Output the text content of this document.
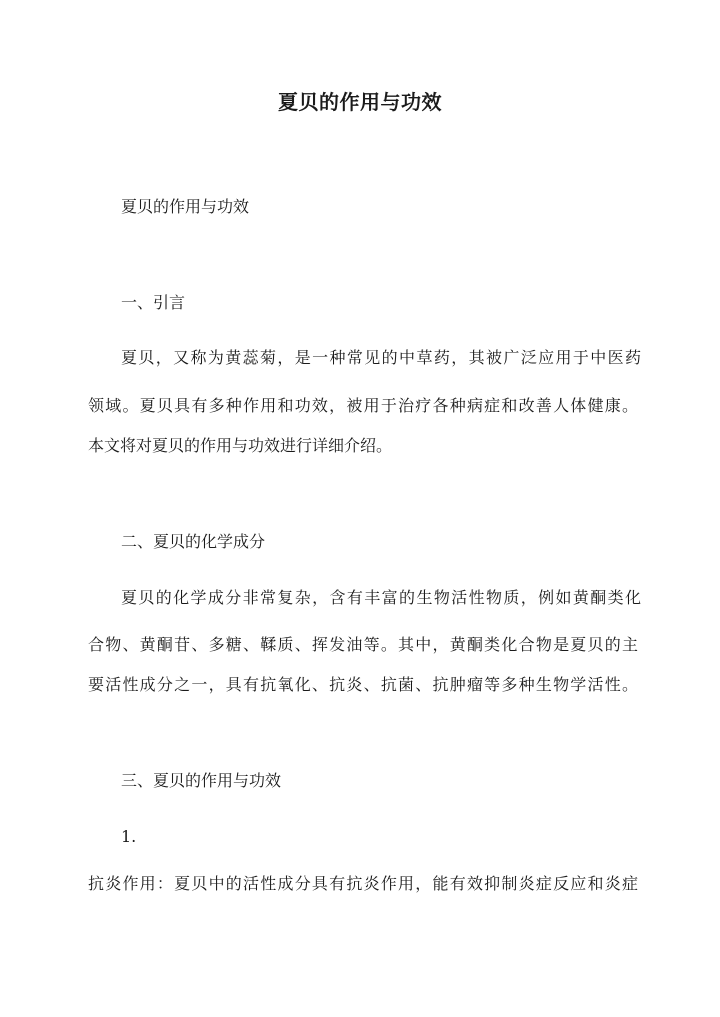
夏贝的作用与功效
夏贝的作用与功效
一、引言
夏贝，又称为黄蕊菊，是一种常见的中草药，其被广泛应用于中医药
领域。夏贝具有多种作用和功效，被用于治疗各种病症和改善人体健康。
本文将对夏贝的作用与功效进行详细介绍。
二、夏贝的化学成分
夏贝的化学成分非常复杂，含有丰富的生物活性物质，例如黄酮类化
合物、黄酮苷、多糖、鞣质、挥发油等。其中，黄酮类化合物是夏贝的主
要活性成分之一，具有抗氧化、抗炎、抗菌、抗肿瘤等多种生物学活性。
三、夏贝的作用与功效
1.
抗炎作用：夏贝中的活性成分具有抗炎作用，能有效抑制炎症反应和炎症
